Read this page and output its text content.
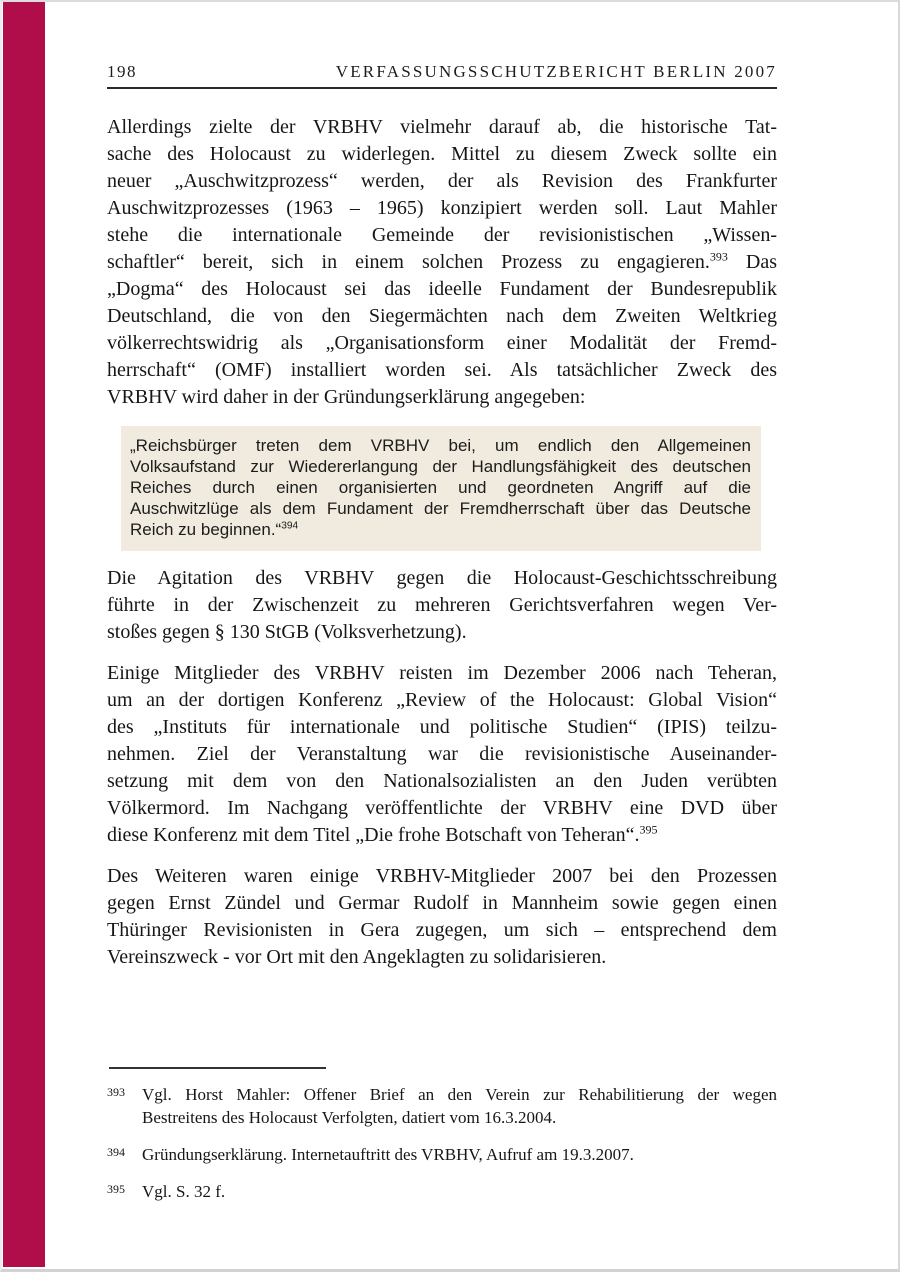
198	VERFASSUNGSSCHUTZBERICHT BERLIN 2007
Allerdings zielte der VRBHV vielmehr darauf ab, die historische Tat-
sache des Holocaust zu widerlegen. Mittel zu diesem Zweck sollte ein
neuer „Auschwitzprozess“ werden, der als Revision des Frankfurter
Auschwitzprozesses (1963 – 1965) konzipiert werden soll. Laut Mahler
stehe die internationale Gemeinde der revisionistischen „Wissen-
schaftler“ bereit, sich in einem solchen Prozess zu engagieren.$^{393}$ Das
„Dogma“ des Holocaust sei das ideelle Fundament der Bundesrepublik
Deutschland, die von den Siegermächten nach dem Zweiten Weltkrieg
völkerrechtswidrig als „Organisationsform einer Modalität der Fremd-
herrschaft“ (OMF) installiert worden sei. Als tatsächlicher Zweck des
VRBHV wird daher in der Gründungserklärung angegeben:
„Reichsbürger treten dem VRBHV bei, um endlich den Allgemeinen
Volksaufstand zur Wiedererlangung der Handlungsfähigkeit des deutschen
Reiches durch einen organisierten und geordneten Angriff auf die
Auschwitzlüge als dem Fundament der Fremdherrschaft über das Deutsche
Reich zu beginnen.“$^{394}$
Die Agitation des VRBHV gegen die Holocaust-Geschichtsschreibung
führte in der Zwischenzeit zu mehreren Gerichtsverfahren wegen Ver-
stoßes gegen § 130 StGB (Volksverhetzung).
Einige Mitglieder des VRBHV reisten im Dezember 2006 nach Teheran,
um an der dortigen Konferenz „Review of the Holocaust: Global Vision“
des „Instituts für internationale und politische Studien“ (IPIS) teilzu-
nehmen. Ziel der Veranstaltung war die revisionistische Auseinander-
setzung mit dem von den Nationalsozialisten an den Juden verübten
Völkermord. Im Nachgang veröffentlichte der VRBHV eine DVD über
diese Konferenz mit dem Titel „Die frohe Botschaft von Teheran“.$^{395}$
Des Weiteren waren einige VRBHV-Mitglieder 2007 bei den Prozessen
gegen Ernst Zündel und Germar Rudolf in Mannheim sowie gegen einen
Thüringer Revisionisten in Gera zugegen, um sich – entsprechend dem
Vereinszweck - vor Ort mit den Angeklagten zu solidarisieren.
393 Vgl. Horst Mahler: Offener Brief an den Verein zur Rehabilitierung der wegen
Bestreitens des Holocaust Verfolgten, datiert vom 16.3.2004.
394 Gründungserklärung. Internetauftritt des VRBHV, Aufruf am 19.3.2007.
395 Vgl. S. 32 f.
